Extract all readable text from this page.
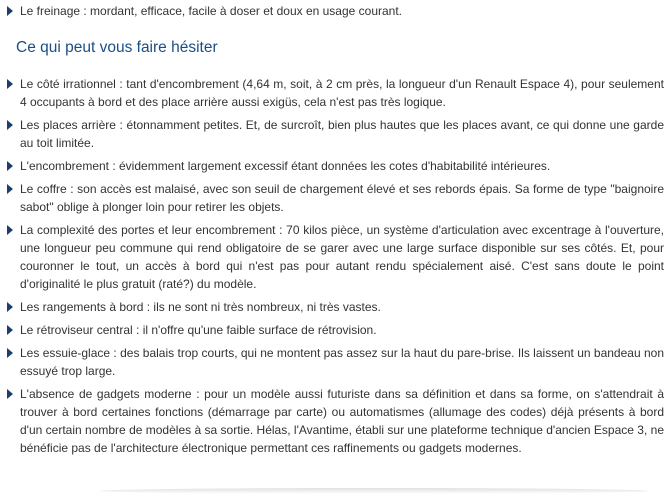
Le freinage : mordant, efficace, facile à doser et doux en usage courant.
Ce qui peut vous faire hésiter
Le côté irrationnel : tant d'encombrement (4,64 m, soit, à 2 cm près, la longueur d'un Renault Espace 4), pour seulement 4 occupants à bord et des place arrière aussi exigüs, cela n'est pas très logique.
Les places arrière : étonnamment petites. Et, de surcroît, bien plus hautes que les places avant, ce qui donne une garde au toit limitée.
L'encombrement : évidemment largement excessif étant données les cotes d'habitabilité intérieures.
Le coffre : son accès est malaisé, avec son seuil de chargement élevé et ses rebords épais. Sa forme de type "baignoire sabot" oblige à plonger loin pour retirer les objets.
La complexité des portes et leur encombrement : 70 kilos pièce, un système d'articulation avec excentrage à l'ouverture, une longueur peu commune qui rend obligatoire de se garer avec une large surface disponible sur ses côtés. Et, pour couronner le tout, un accès à bord qui n'est pas pour autant rendu spécialement aisé. C'est sans doute le point d'originalité le plus gratuit (raté?) du modèle.
Les rangements à bord : ils ne sont ni très nombreux, ni très vastes.
Le rétroviseur central : il n'offre qu'une faible surface de rétrovision.
Les essuie-glace : des balais trop courts, qui ne montent pas assez sur la haut du pare-brise. Ils laissent un bandeau non essuyé trop large.
L'absence de gadgets moderne : pour un modèle aussi futuriste dans sa définition et dans sa forme, on s'attendrait à trouver à bord certaines fonctions (démarrage par carte) ou automatismes (allumage des codes) déjà présents à bord d'un certain nombre de modèles à sa sortie. Hélas, l'Avantime, établi sur une plateforme technique d'ancien Espace 3, ne bénéficie pas de l'architecture électronique permettant ces raffinements ou gadgets modernes.
